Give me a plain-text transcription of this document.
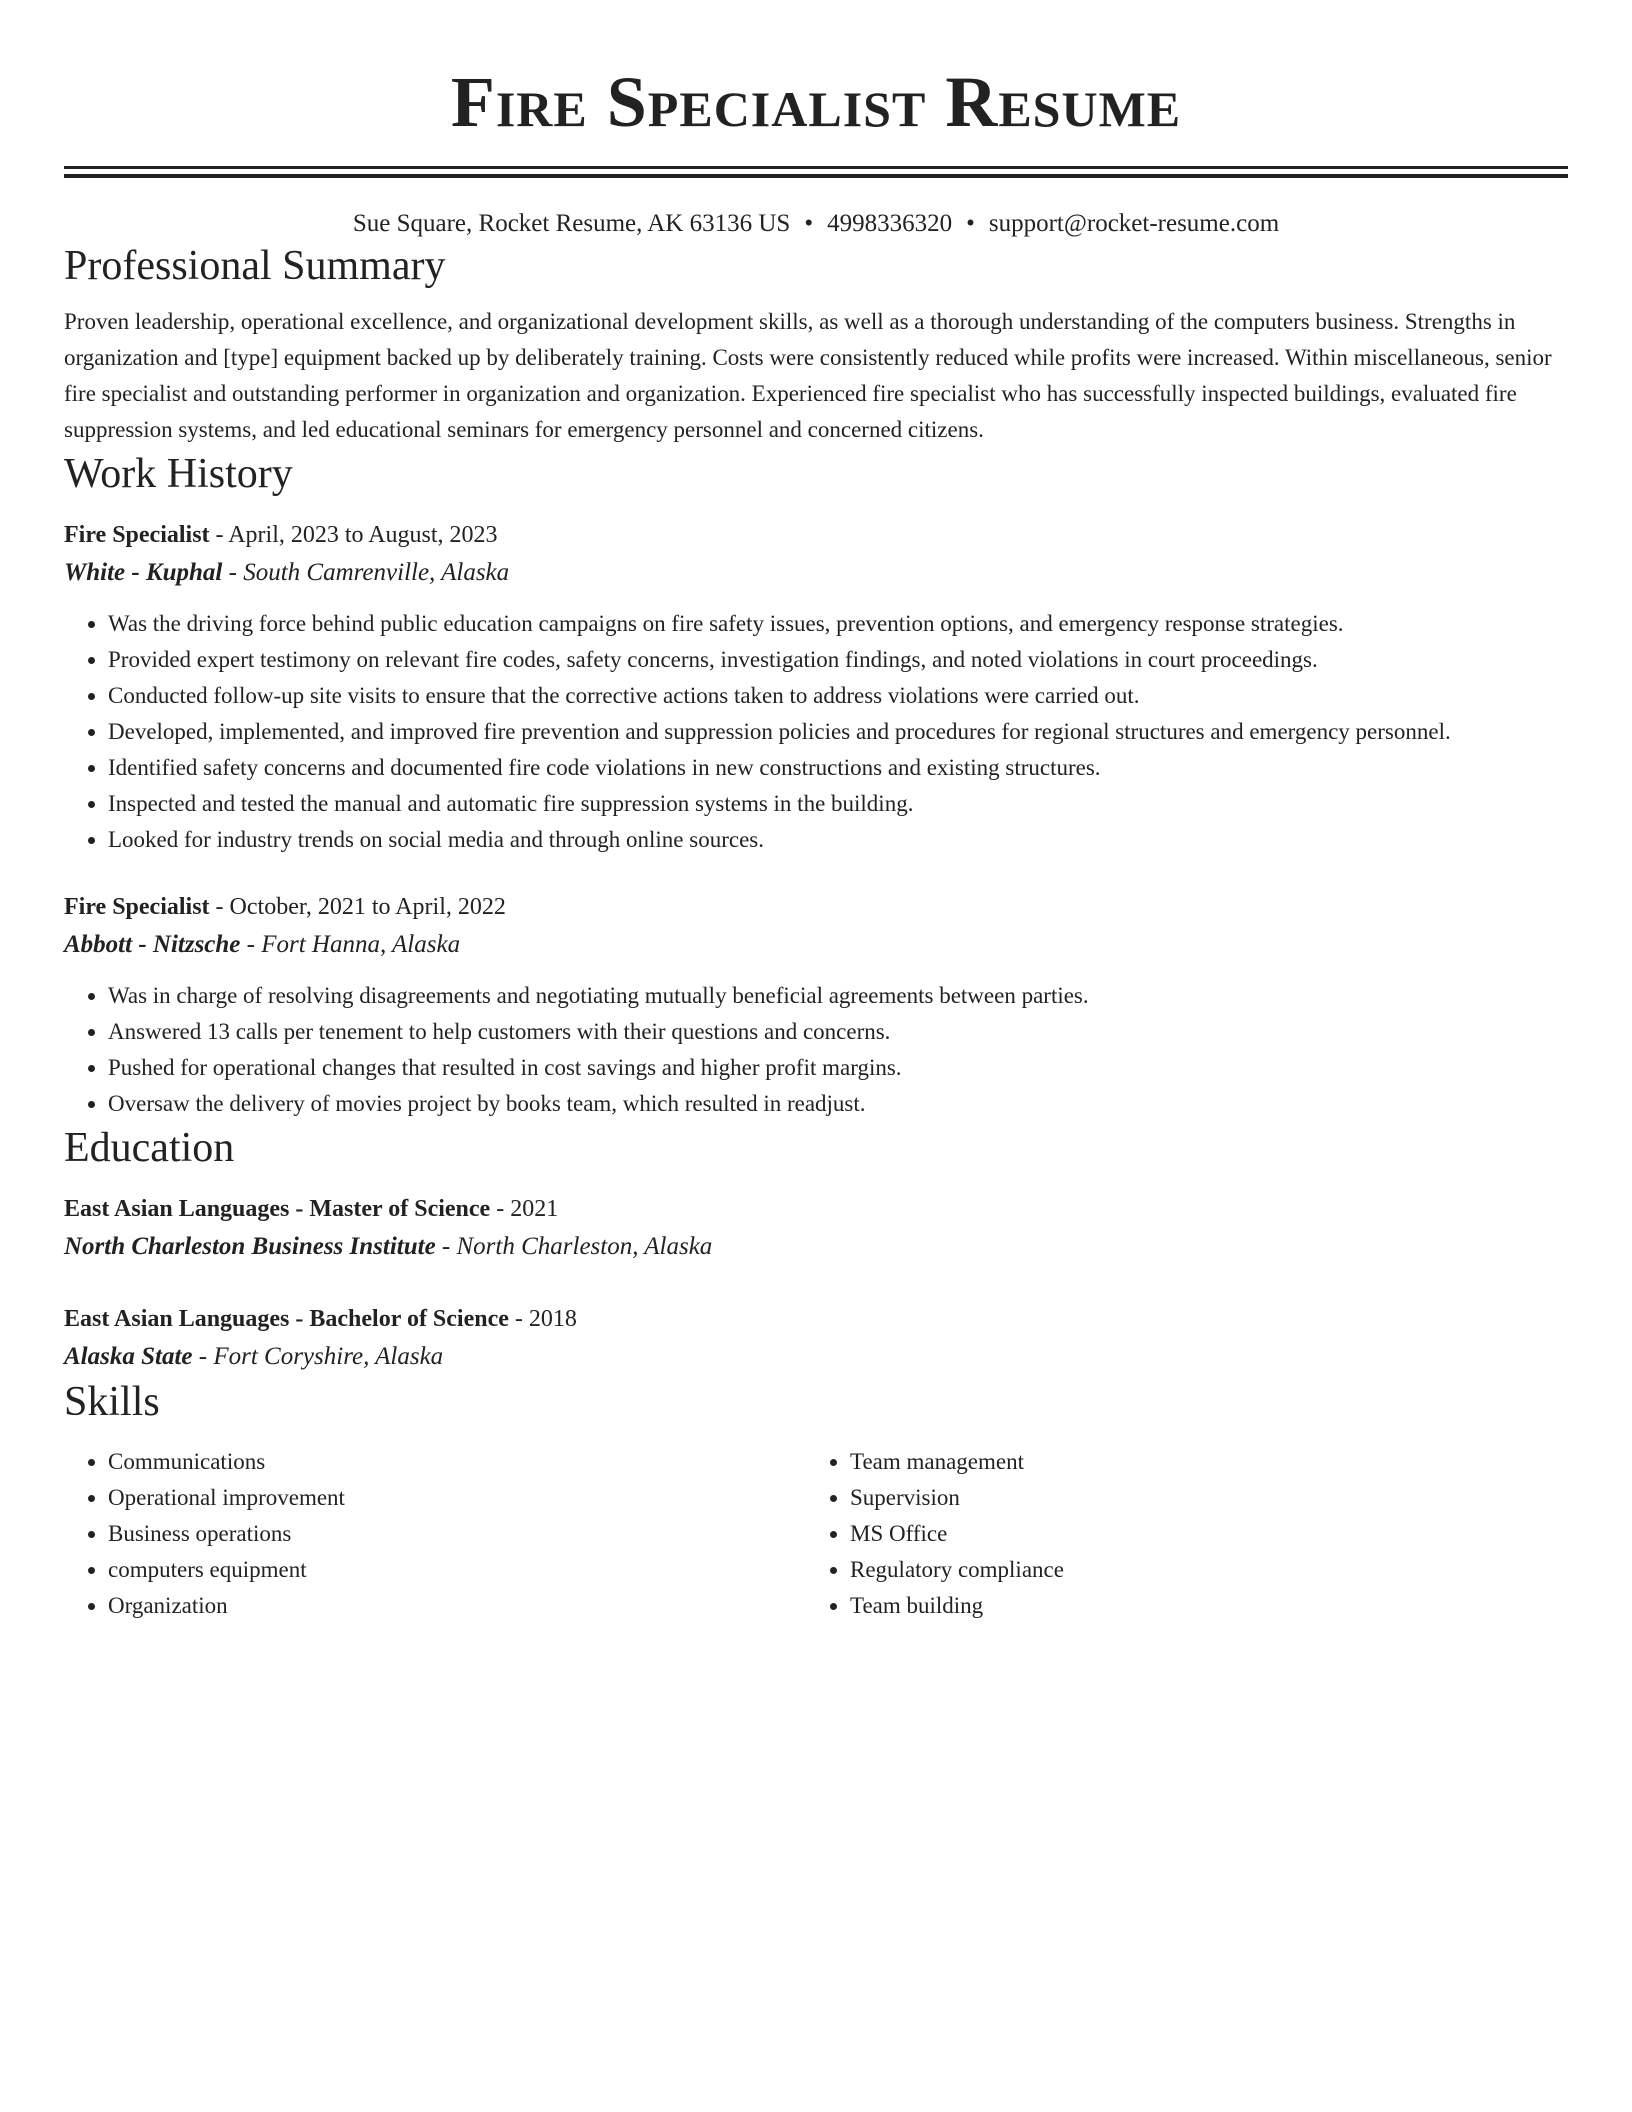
Fire Specialist Resume
Sue Square, Rocket Resume, AK 63136 US • 4998336320 • support@rocket-resume.com
Professional Summary
Proven leadership, operational excellence, and organizational development skills, as well as a thorough understanding of the computers business. Strengths in organization and [type] equipment backed up by deliberately training. Costs were consistently reduced while profits were increased. Within miscellaneous, senior fire specialist and outstanding performer in organization and organization. Experienced fire specialist who has successfully inspected buildings, evaluated fire suppression systems, and led educational seminars for emergency personnel and concerned citizens.
Work History
Fire Specialist - April, 2023 to August, 2023
White - Kuphal - South Camrenville, Alaska
• Was the driving force behind public education campaigns on fire safety issues, prevention options, and emergency response strategies.
• Provided expert testimony on relevant fire codes, safety concerns, investigation findings, and noted violations in court proceedings.
• Conducted follow-up site visits to ensure that the corrective actions taken to address violations were carried out.
• Developed, implemented, and improved fire prevention and suppression policies and procedures for regional structures and emergency personnel.
• Identified safety concerns and documented fire code violations in new constructions and existing structures.
• Inspected and tested the manual and automatic fire suppression systems in the building.
• Looked for industry trends on social media and through online sources.
Fire Specialist - October, 2021 to April, 2022
Abbott - Nitzsche - Fort Hanna, Alaska
• Was in charge of resolving disagreements and negotiating mutually beneficial agreements between parties.
• Answered 13 calls per tenement to help customers with their questions and concerns.
• Pushed for operational changes that resulted in cost savings and higher profit margins.
• Oversaw the delivery of movies project by books team, which resulted in readjust.
Education
East Asian Languages - Master of Science - 2021
North Charleston Business Institute - North Charleston, Alaska
East Asian Languages - Bachelor of Science - 2018
Alaska State - Fort Coryshire, Alaska
Skills
• Communications
• Operational improvement
• Business operations
• computers equipment
• Organization
• Team management
• Supervision
• MS Office
• Regulatory compliance
• Team building
